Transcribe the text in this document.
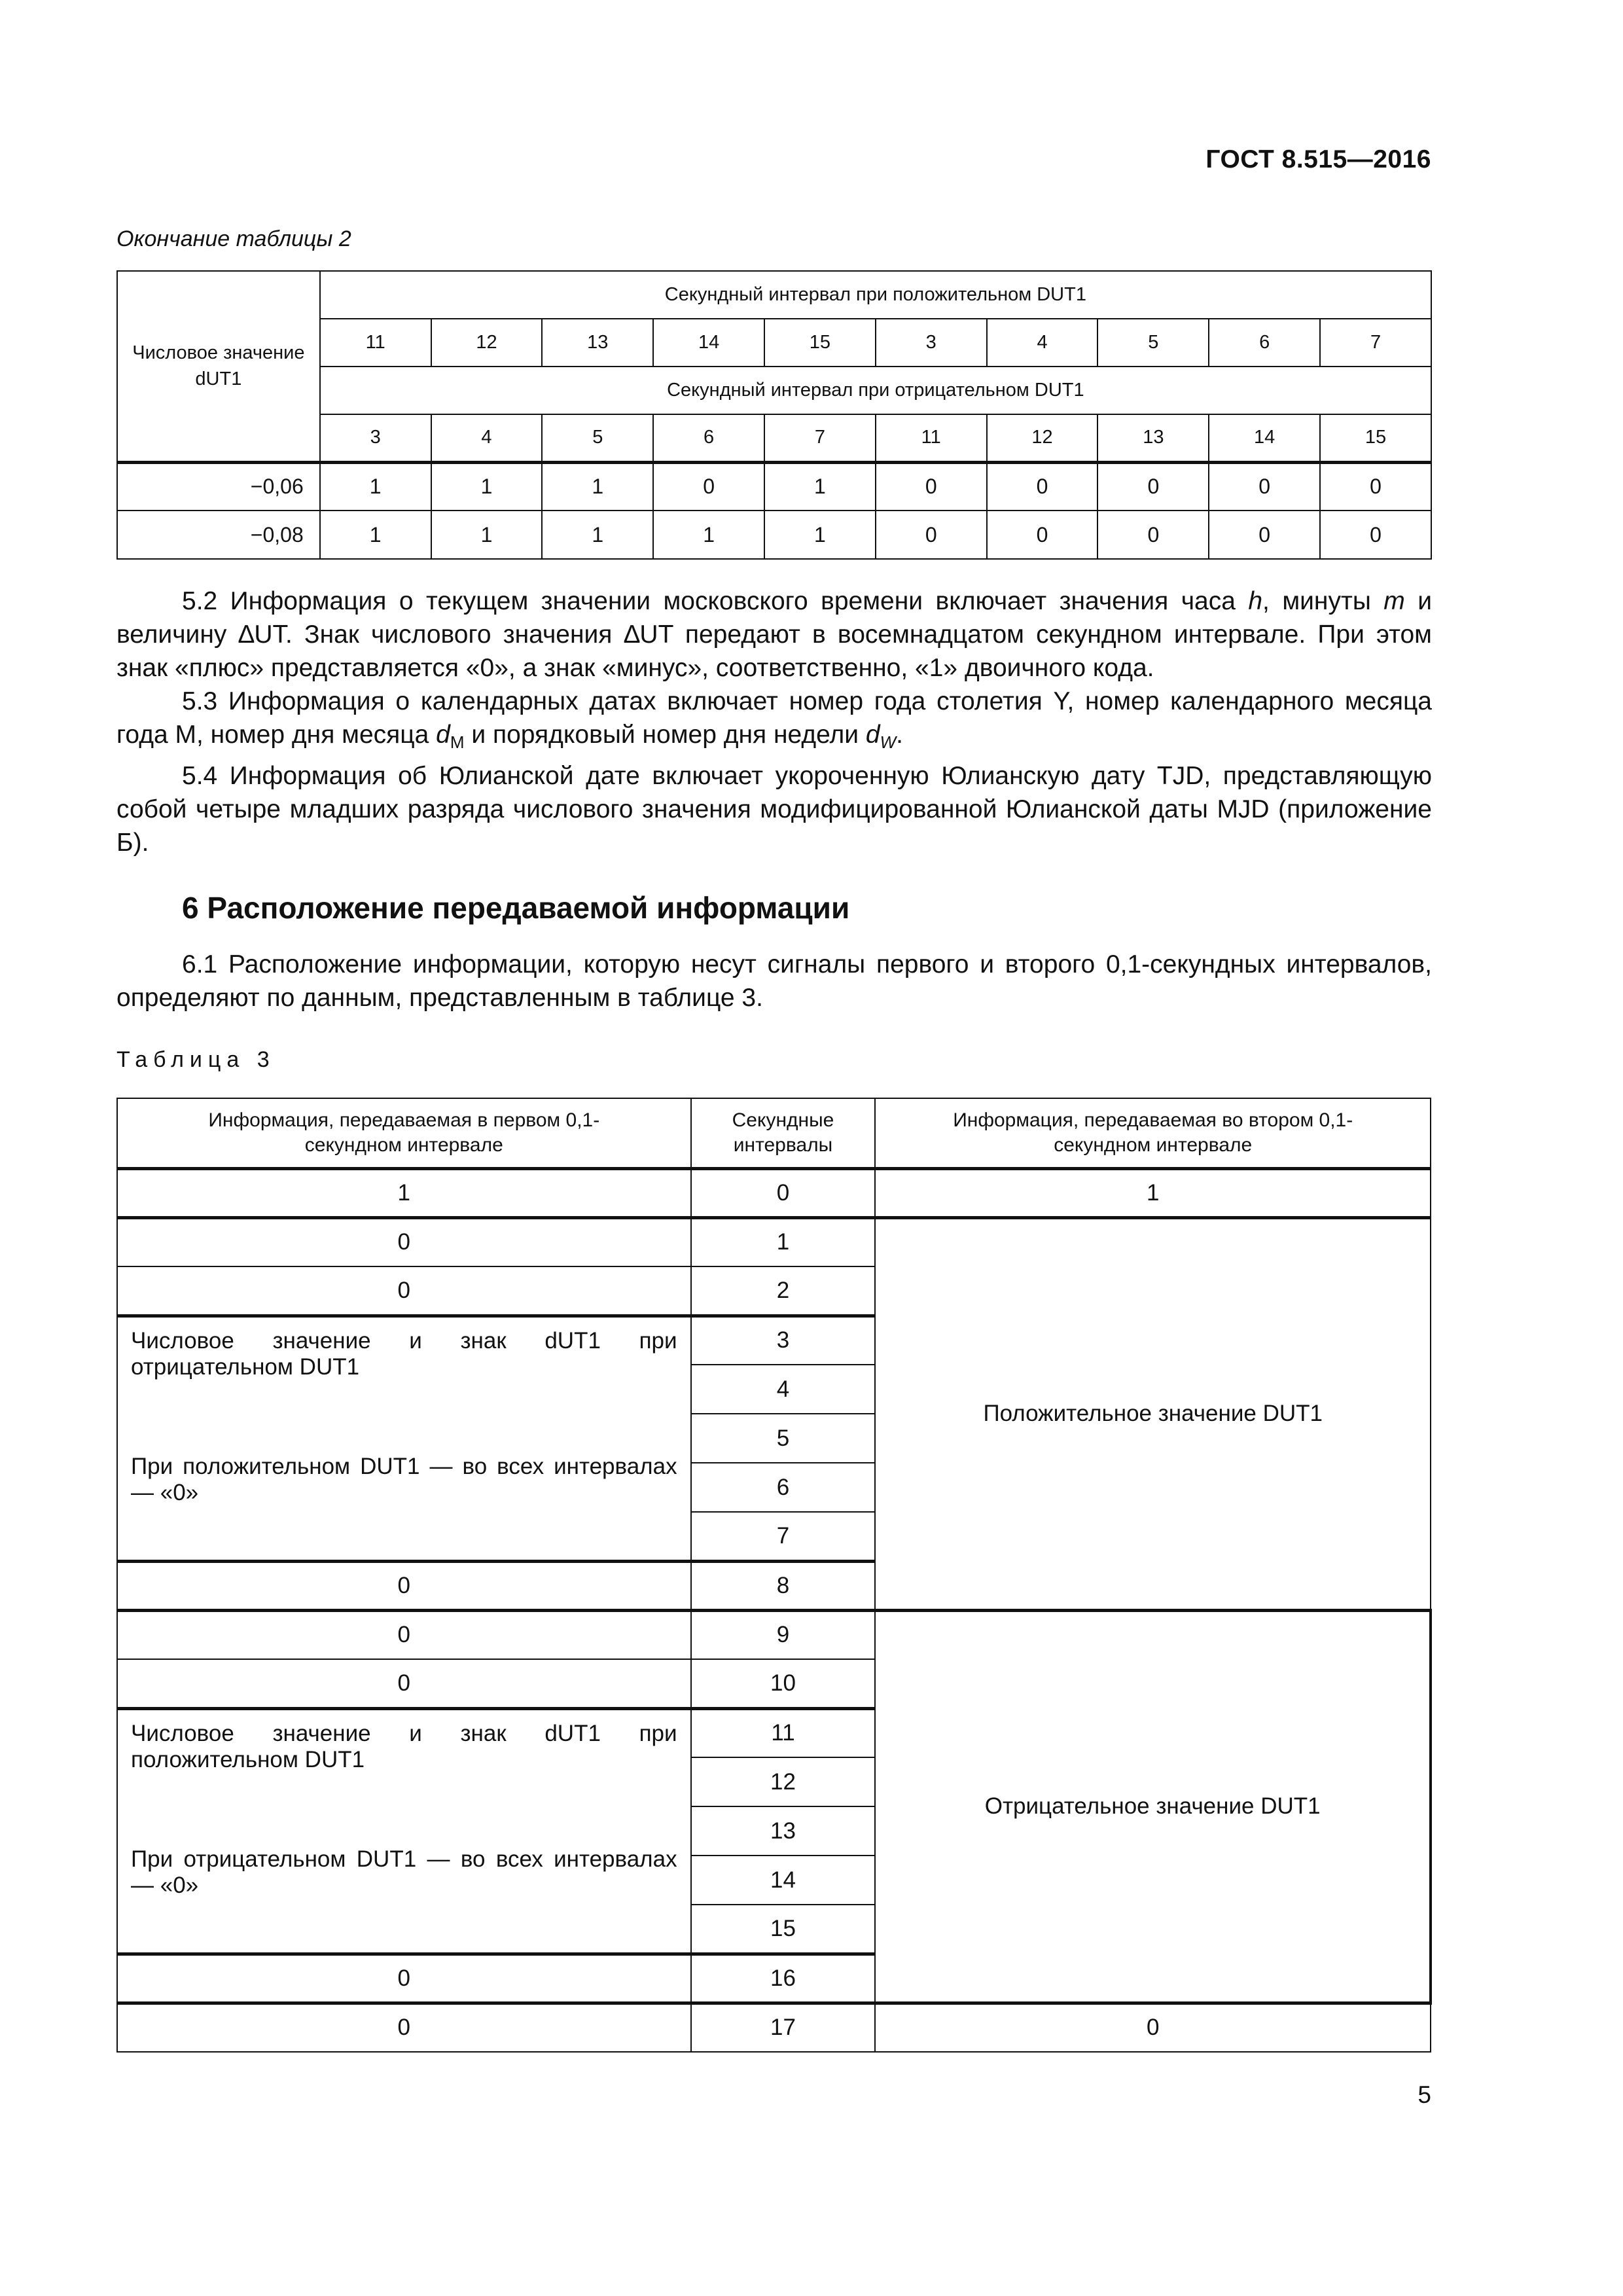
ГОСТ 8.515—2016
Окончание таблицы 2
Числовое значение dUT1	Секундный интервал при положительном DUT1									
	11	12	13	14	15	3	4	5	6	7
	Секундный интервал при отрицательном DUT1									
	3	4	5	6	7	11	12	13	14	15
−0,06	1	1	1	0	1	0	0	0	0	0
−0,08	1	1	1	1	1	0	0	0	0	0

5.2 Информация о текущем значении московского времени включает значения часа h, минуты m и величину ∆UT. Знак числового значения ∆UT передают в восемнадцатом секундном интервале. При этом знак «плюс» представляется «0», а знак «минус», соответственно, «1» двоичного кода.

5.3 Информация о календарных датах включает номер года столетия Y, номер календарного месяца года M, номер дня месяца $d_M$ и порядковый номер дня недели $d_W$.

5.4 Информация об Юлианской дате включает укороченную Юлианскую дату TJD, представляющую собой четыре младших разряда числового значения модифицированной Юлианской даты MJD (приложение Б).

6 Расположение передаваемой информации

6.1 Расположение информации, которую несут сигналы первого и второго 0,1-секундных интервалов, определяют по данным, представленным в таблице 3.

Таблица 3
Информация, передаваемая в первом 0,1-секундном интервале	Секундные интервалы	Информация, передаваемая во втором 0,1-секундном интервале
1	0	1
0	1	Положительное значение DUT1
0	2	

Числовое значение и знак dUT1 при отрицательном DUT1
При положительном DUT1 — во всех интервалах — «0»	3	
	4	
	5	
	6	
	7	
0	8	
0	9	Отрицательное значение DUT1
0	10	

Числовое значение и знак dUT1 при положительном DUT1
При отрицательном DUT1 — во всех интервалах — «0»	11	
	12	
	13	
	14	
	15	
0	16	
0	17	0
5
